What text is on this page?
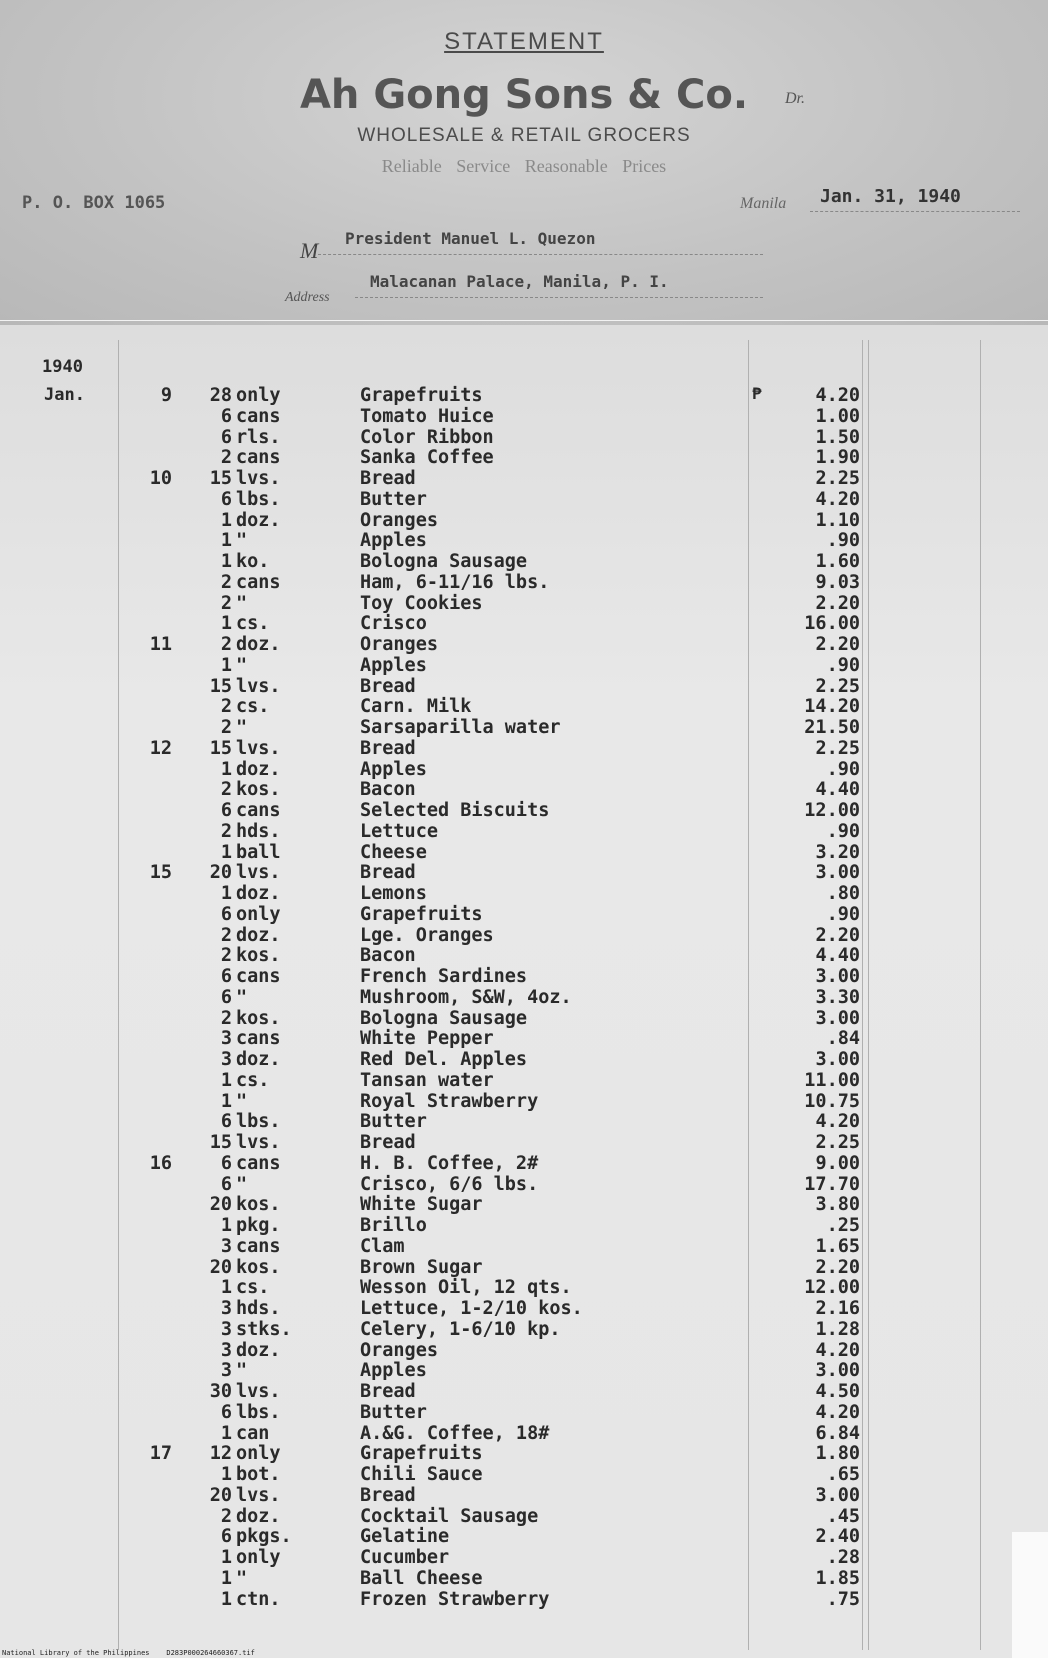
STATEMENT
Ah Gong Sons & Co.	Dr.
WHOLESALE & RETAIL GROCERS
Reliable Service Reasonable Prices
P. O. BOX 1065	Manila Jan. 31, 1940
M President Manuel L. Quezon
Address
Malacanan Palace, Manila, P. I.
1940
Jan.	₱
9	28 only	Grapefruits	4.20
6 cans	Tomato Huice	1.00
6 rls.	Color Ribbon	1.50
2 cans	Sanka Coffee	1.90
10	15 lvs.	Bread	2.25
6 lbs.	Butter	4.20
1 doz.	Oranges	1.10
1 "	Apples	.90
1 ko.	Bologna Sausage	1.60
2 cans	Ham, 6-11/16 lbs.	9.03
2 "	Toy Cookies	2.20
1 cs.	Crisco	16.00
11	2 doz.	Oranges	2.20
1 "	Apples	.90
15 lvs.	Bread	2.25
2 cs.	Carn. Milk	14.20
2 "	Sarsaparilla water	21.50
12	15 lvs.	Bread	2.25
1 doz.	Apples	.90
2 kos.	Bacon	4.40
6 cans	Selected Biscuits	12.00
2 hds.	Lettuce	.90
1 ball	Cheese	3.20
15	20 lvs.	Bread	3.00
1 doz.	Lemons	.80
6 only	Grapefruits	.90
2 doz.	Lge. Oranges	2.20
2 kos.	Bacon	4.40
6 cans	French Sardines	3.00
6 "	Mushroom, S&W, 4oz.	3.30
2 kos.	Bologna Sausage	3.00
3 cans	White Pepper	.84
3 doz.	Red Del. Apples	3.00
1 cs.	Tansan water	11.00
1 "	Royal Strawberry	10.75
6 lbs.	Butter	4.20
15 lvs.	Bread	2.25
16	6 cans	H. B. Coffee, 2#	9.00
6 "	Crisco, 6/6 lbs.	17.70
20 kos.	White Sugar	3.80
1 pkg.	Brillo	.25
3 cans	Clam	1.65
20 kos.	Brown Sugar	2.20
1 cs.	Wesson Oil, 12 qts.	12.00
3 hds.	Lettuce, 1-2/10 kos.	2.16
3 stks.	Celery, 1-6/10 kp.	1.28
3 doz.	Oranges	4.20
3 "	Apples	3.00
30 lvs.	Bread	4.50
6 lbs.	Butter	4.20
1 can	A.&G. Coffee, 18#	6.84
17	12 only	Grapefruits	1.80
1 bot.	Chili Sauce	.65
20 lvs.	Bread	3.00
2 doz.	Cocktail Sausage	.45
6 pkgs.	Gelatine	2.40
1 only	Cucumber	.28
1 "	Ball Cheese	1.85
1 ctn.	Frozen Strawberry	.75
National Library of the Philippines D283P000264660367.tif
